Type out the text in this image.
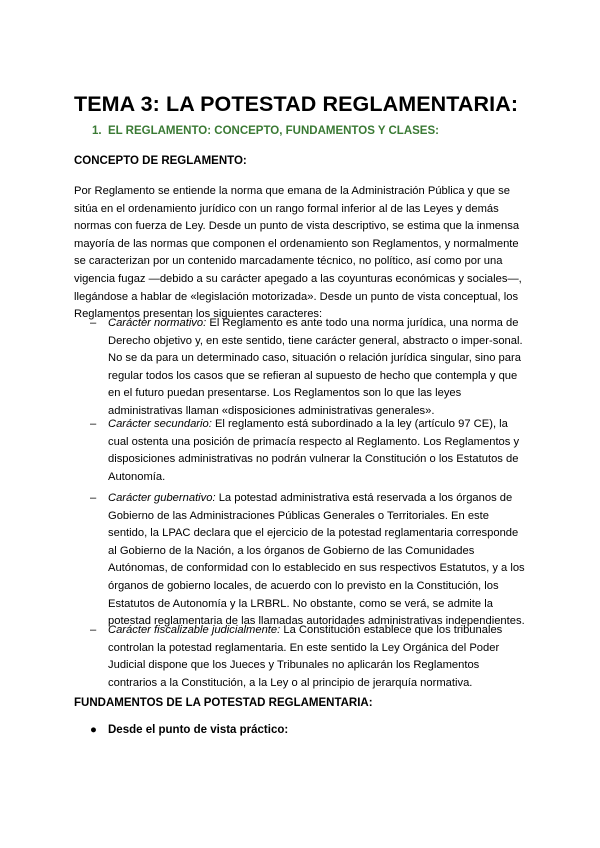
TEMA 3: LA POTESTAD REGLAMENTARIA:
1. EL REGLAMENTO: CONCEPTO, FUNDAMENTOS Y CLASES:
CONCEPTO DE REGLAMENTO:
Por Reglamento se entiende la norma que emana de la Administración Pública y que se sitúa en el ordenamiento jurídico con un rango formal inferior al de las Leyes y demás normas con fuerza de Ley. Desde un punto de vista descriptivo, se estima que la inmensa mayoría de las normas que componen el ordenamiento son Reglamentos, y normalmente se caracterizan por un contenido marcadamente técnico, no político, así como por una vigencia fugaz —debido a su carácter apegado a las coyunturas económicas y sociales—, llegándose a hablar de «legislación motorizada». Desde un punto de vista conceptual, los Reglamentos presentan los siguientes caracteres:
– Carácter normativo: El Reglamento es ante todo una norma jurídica, una norma de Derecho objetivo y, en este sentido, tiene carácter general, abstracto o imper-sonal. No se da para un determinado caso, situación o relación jurídica singular, sino para regular todos los casos que se refieran al supuesto de hecho que contempla y que en el futuro puedan presentarse. Los Reglamentos son lo que las leyes administrativas llaman «disposiciones administrativas generales».
– Carácter secundario: El reglamento está subordinado a la ley (artículo 97 CE), la cual ostenta una posición de primacía respecto al Reglamento. Los Reglamentos y disposiciones administrativas no podrán vulnerar la Constitución o los Estatutos de Autonomía.
– Carácter gubernativo: La potestad administrativa está reservada a los órganos de Gobierno de las Administraciones Públicas Generales o Territoriales. En este sentido, la LPAC declara que el ejercicio de la potestad reglamentaria corresponde al Gobierno de la Nación, a los órganos de Gobierno de las Comunidades Autónomas, de conformidad con lo establecido en sus respectivos Estatutos, y a los órganos de gobierno locales, de acuerdo con lo previsto en la Constitución, los Estatutos de Autonomía y la LRBRL. No obstante, como se verá, se admite la potestad reglamentaria de las llamadas autoridades administrativas independientes.
– Carácter fiscalizable judicialmente: La Constitución establece que los tribunales controlan la potestad reglamentaria. En este sentido la Ley Orgánica del Poder Judicial dispone que los Jueces y Tribunales no aplicarán los Reglamentos contrarios a la Constitución, a la Ley o al principio de jerarquía normativa.
FUNDAMENTOS DE LA POTESTAD REGLAMENTARIA:
● Desde el punto de vista práctico:
